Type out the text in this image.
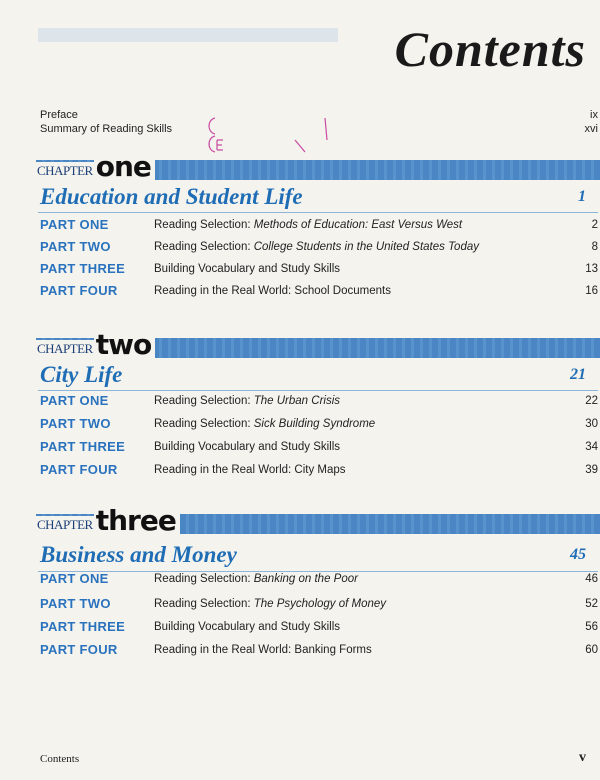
Contents
Preface	ix
Summary of Reading Skills	xvi
CHAPTER one
Education and Student Life	1
PART ONE	Reading Selection: Methods of Education: East Versus West	2
PART TWO	Reading Selection: College Students in the United States Today	8
PART THREE	Building Vocabulary and Study Skills	13
PART FOUR	Reading in the Real World: School Documents	16
CHAPTER two
City Life	21
PART ONE	Reading Selection: The Urban Crisis	22
PART TWO	Reading Selection: Sick Building Syndrome	30
PART THREE	Building Vocabulary and Study Skills	34
PART FOUR	Reading in the Real World: City Maps	39
CHAPTER three
Business and Money	45
PART ONE	Reading Selection: Banking on the Poor	46
PART TWO	Reading Selection: The Psychology of Money	52
PART THREE	Building Vocabulary and Study Skills	56
PART FOUR	Reading in the Real World: Banking Forms	60
Contents	v
